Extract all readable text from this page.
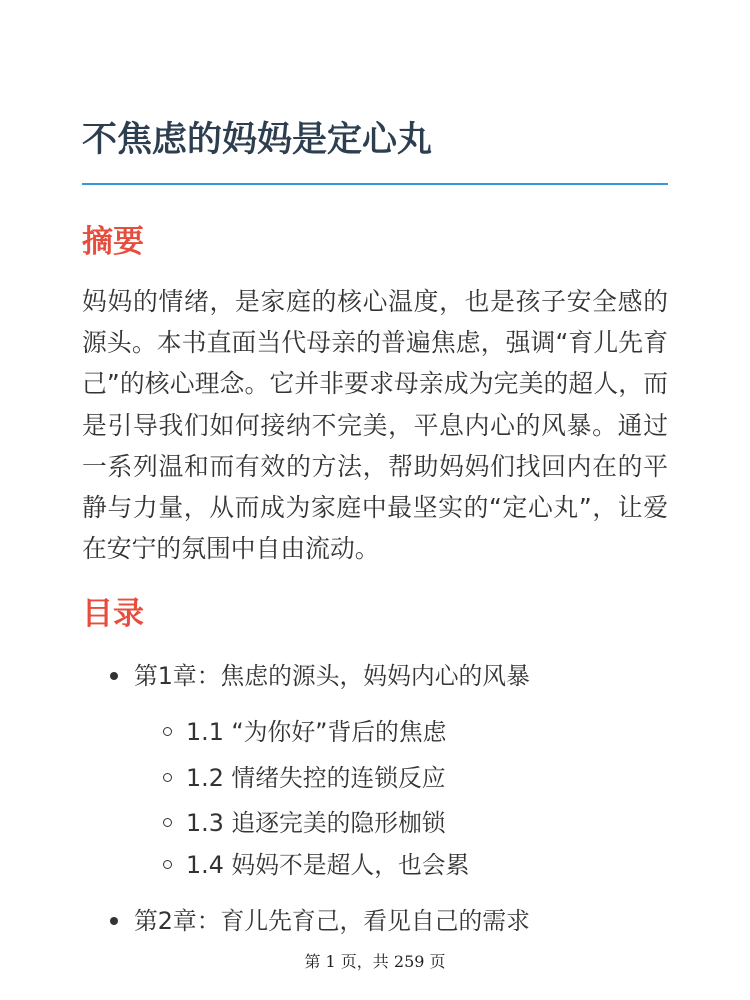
不焦虑的妈妈是定心丸
摘要

妈妈的情绪，是家庭的核心温度，也是孩子安全感的源头。本书直面当代母亲的普遍焦虑，强调“育儿先育己”的核心理念。它并非要求母亲成为完美的超人，而是引导我们如何接纳不完美，平息内心的风暴。通过一系列温和而有效的方法，帮助妈妈们找回内在的平静与力量，从而成为家庭中最坚实的“定心丸”，让爱在安宁的氛围中自由流动。

目录
第1章：焦虑的源头，妈妈内心的风暴
1.1 “为你好”背后的焦虑
1.2 情绪失控的连锁反应
1.3 追逐完美的隐形枷锁
1.4 妈妈不是超人，也会累
第2章：育儿先育己，看见自己的需求
第 1 页，共 259 页
